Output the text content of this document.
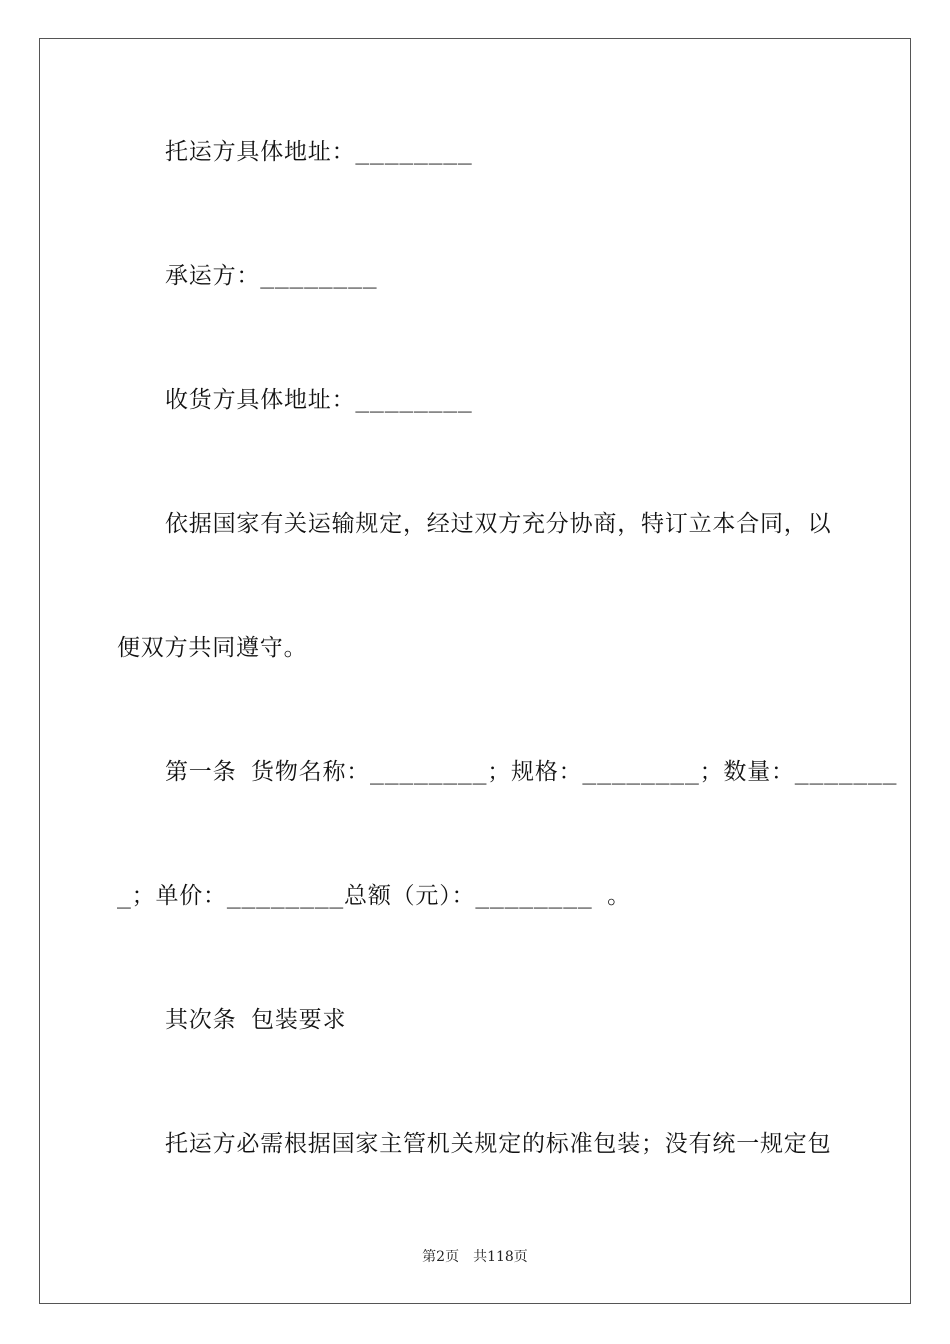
托运方具体地址：________
承运方：________
收货方具体地址：________
依据国家有关运输规定，经过双方充分协商，特订立本合同，以
便双方共同遵守。
第一条 货物名称：________；规格：________；数量：_______
_；单价：________总额（元）：________ 。
其次条 包装要求
托运方必需根据国家主管机关规定的标准包装；没有统一规定包
第2页　共118页
